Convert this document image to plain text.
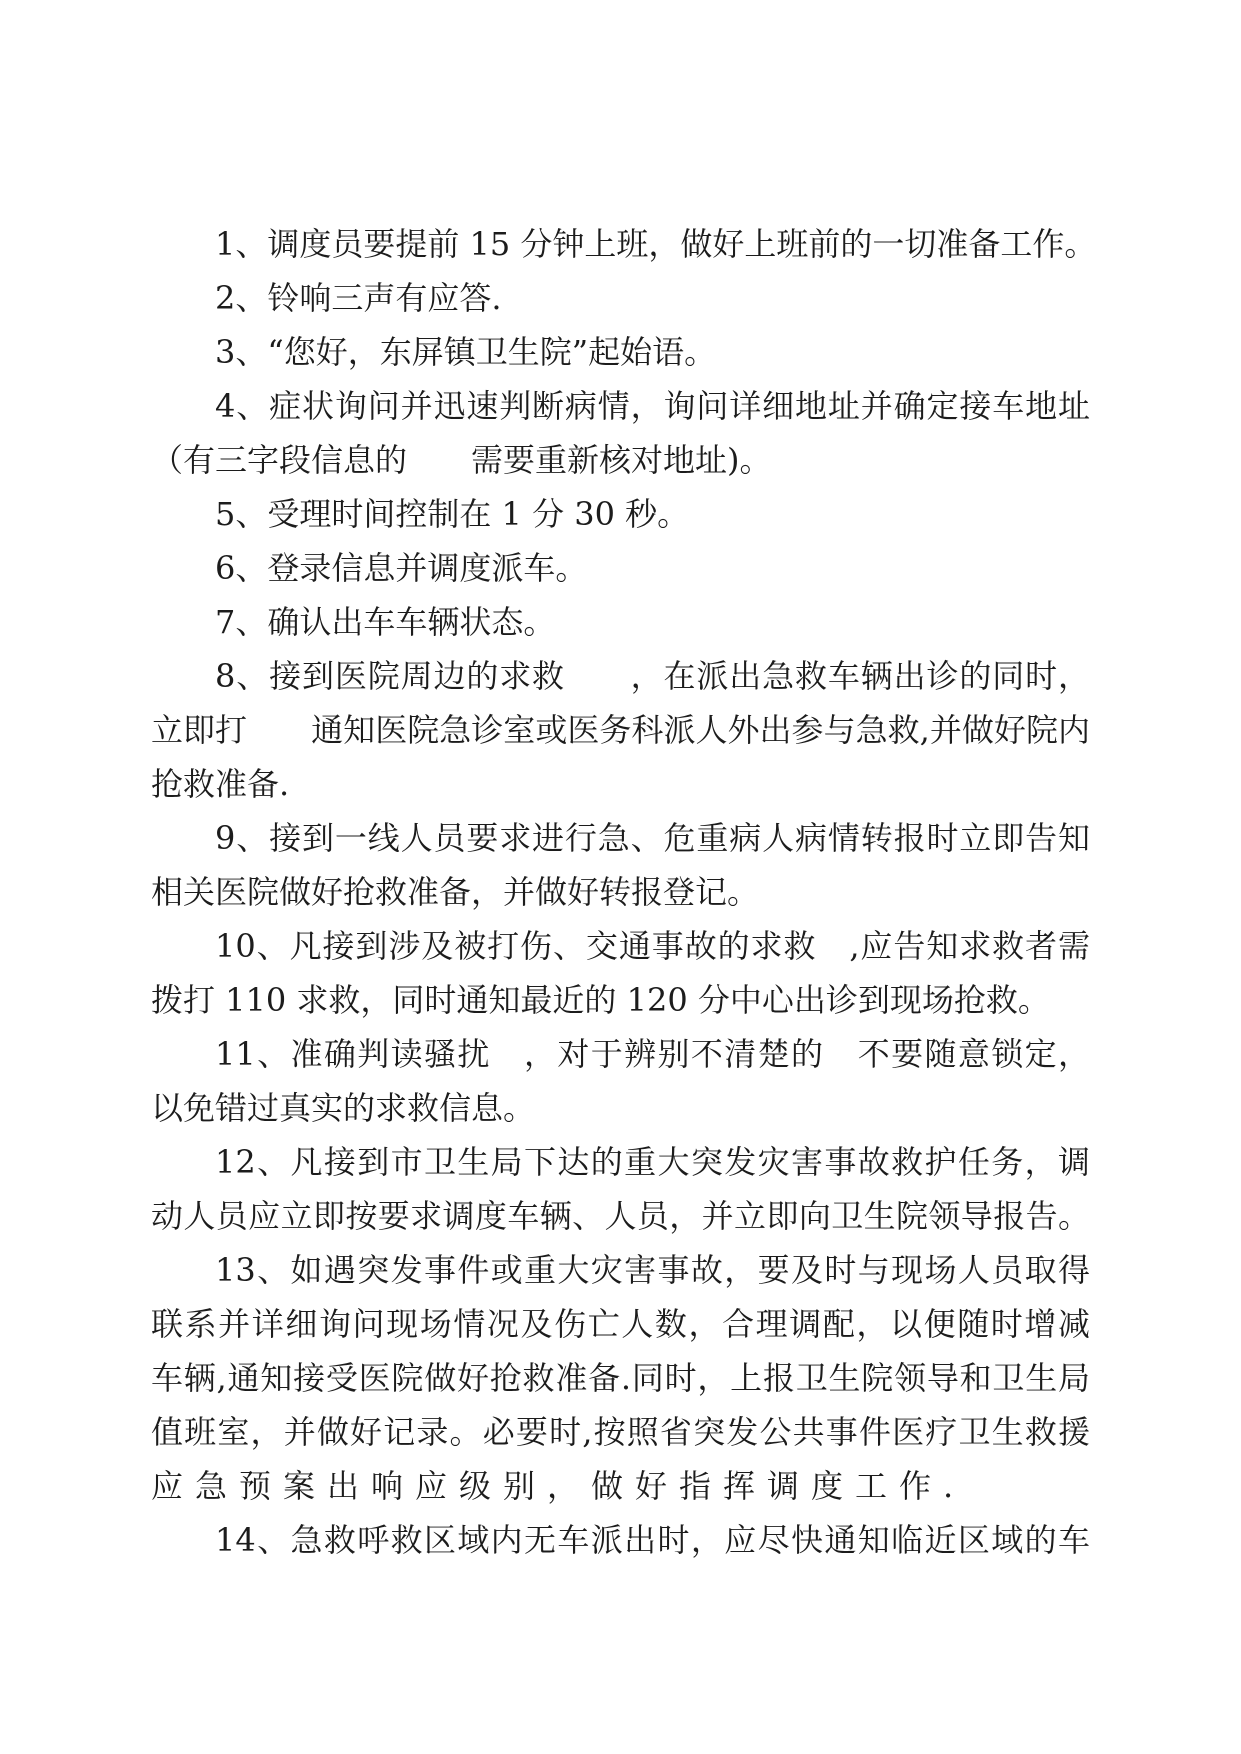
1、调度员要提前 15 分钟上班，做好上班前的一切准备工作。
2、铃响三声有应答.
3、“您好，东屏镇卫生院”起始语。
4、症状询问并迅速判断病情，询问详细地址并确定接车地址
（有三字段信息的　　需要重新核对地址)。
5、受理时间控制在 1 分 30 秒。
6、登录信息并调度派车。
7、确认出车车辆状态。
8、接到医院周边的求救　　，在派出急救车辆出诊的同时，
立即打　　通知医院急诊室或医务科派人外出参与急救,并做好院内
抢救准备.
9、接到一线人员要求进行急、危重病人病情转报时立即告知
相关医院做好抢救准备，并做好转报登记。
10、凡接到涉及被打伤、交通事故的求救　,应告知求救者需
拨打 110 求救，同时通知最近的 120 分中心出诊到现场抢救。
11、准确判读骚扰　，对于辨别不清楚的　不要随意锁定，
以免错过真实的求救信息。
12、凡接到市卫生局下达的重大突发灾害事故救护任务，调
动人员应立即按要求调度车辆、人员，并立即向卫生院领导报告。
13、如遇突发事件或重大灾害事故，要及时与现场人员取得
联系并详细询问现场情况及伤亡人数，合理调配，以便随时增减
车辆,通知接受医院做好抢救准备.同时，上报卫生院领导和卫生局
值班室，并做好记录。必要时,按照省突发公共事件医疗卫生救援
应急预案出响应级别，做好指挥调度工作.
14、急救呼救区域内无车派出时，应尽快通知临近区域的车
